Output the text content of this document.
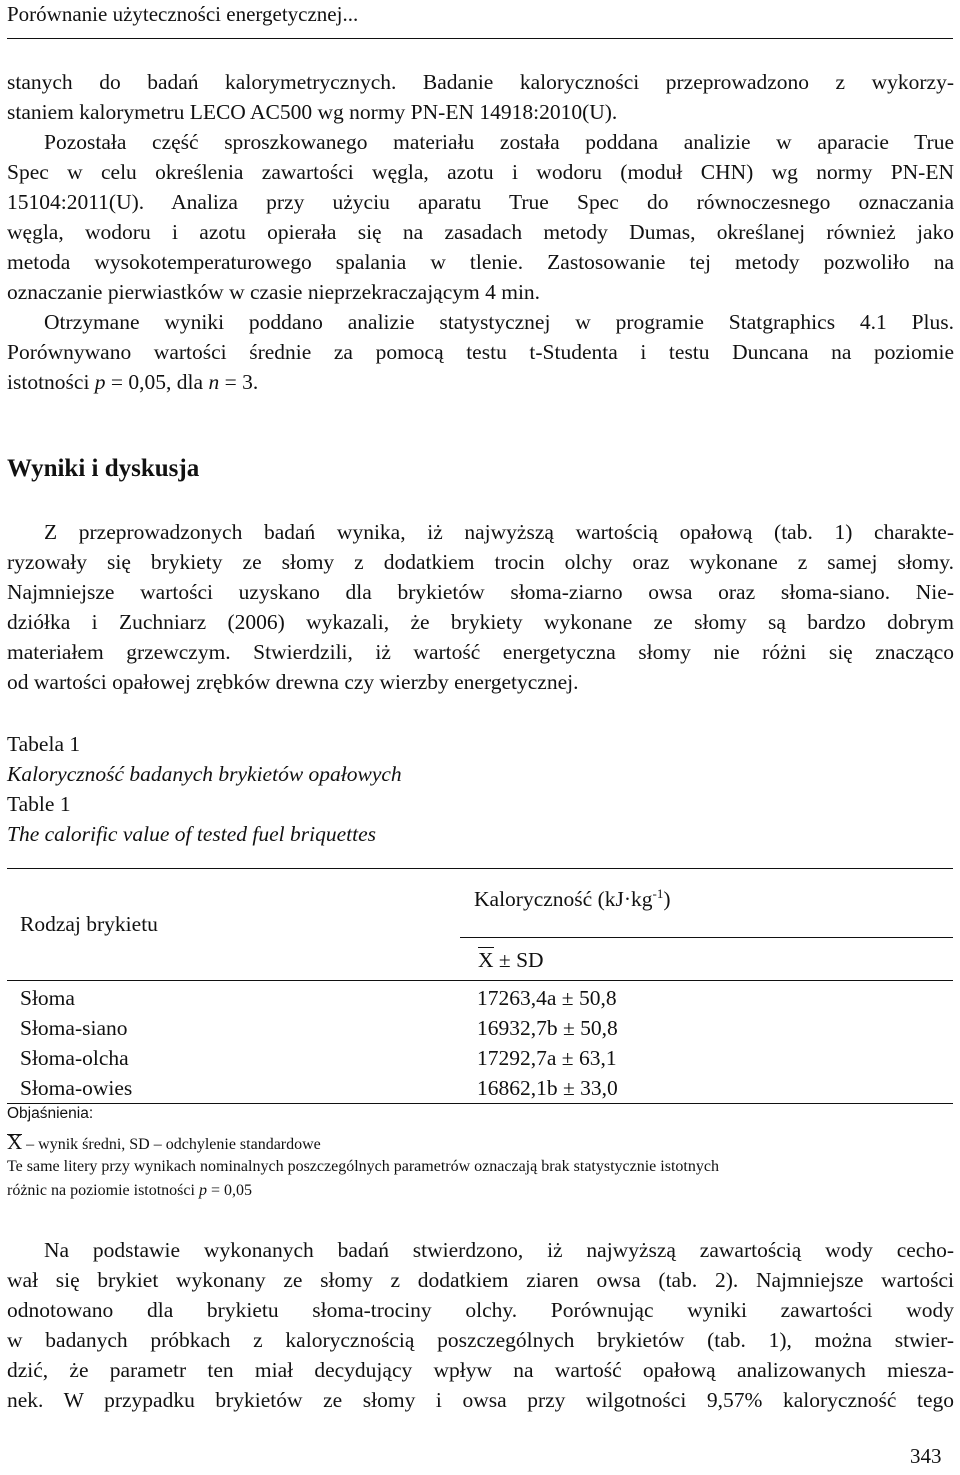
Porównanie użyteczności energetycznej...
stanych do badań kalorymetrycznych. Badanie kaloryczności przeprowadzono z wykorzy-
staniem kalorymetru LECO AC500 wg normy PN-EN 14918:2010(U).
Pozostała część sproszkowanego materiału została poddana analizie w aparacie True
Spec w celu określenia zawartości węgla, azotu i wodoru (moduł CHN) wg normy PN-EN
15104:2011(U). Analiza przy użyciu aparatu True Spec do równoczesnego oznaczania
węgla, wodoru i azotu opierała się na zasadach metody Dumas, określanej również jako
metoda wysokotemperaturowego spalania w tlenie. Zastosowanie tej metody pozwoliło na
oznaczanie pierwiastków w czasie nieprzekraczającym 4 min.
Otrzymane wyniki poddano analizie statystycznej w programie Statgraphics 4.1 Plus.
Porównywano wartości średnie za pomocą testu t-Studenta i testu Duncana na poziomie
istotności p = 0,05, dla n = 3.
Wyniki i dyskusja
Z przeprowadzonych badań wynika, iż najwyższą wartością opałową (tab. 1) charakte-
ryzowały się brykiety ze słomy z dodatkiem trocin olchy oraz wykonane z samej słomy.
Najmniejsze wartości uzyskano dla brykietów słoma-ziarno owsa oraz słoma-siano. Nie-
dziółka i Zuchniarz (2006) wykazali, że brykiety wykonane ze słomy są bardzo dobrym
materiałem grzewczym. Stwierdzili, iż wartość energetyczna słomy nie różni się znacząco
od wartości opałowej zrębków drewna czy wierzby energetycznej.

Tabela 1

Kaloryczność badanych brykietów opałowych

Table 1

The calorific value of tested fuel briquettes

Rodzaj brykietu
Kaloryczność $(kJ\cdot kg^{-1})$
X ± SD
Słoma	17263,4a ± 50,8
Słoma-siano	16932,7b ± 50,8
Słoma-olcha	17292,7a ± 63,1
Słoma-owies	16862,1b ± 33,0

Objaśnienia:

X – wynik średni, SD – odchylenie standardowe

Te same litery przy wynikach nominalnych poszczególnych parametrów oznaczają brak statystycznie istotnych

różnic na poziomie istotności p = 0,05

Na podstawie wykonanych badań stwierdzono, iż najwyższą zawartością wody cecho-
wał się brykiet wykonany ze słomy z dodatkiem ziaren owsa (tab. 2). Najmniejsze wartości
odnotowano dla brykietu słoma-trociny olchy. Porównując wyniki zawartości wody
w badanych próbkach z kalorycznością poszczególnych brykietów (tab. 1), można stwier-
dzić, że parametr ten miał decydujący wpływ na wartość opałową analizowanych miesza-
nek. W przypadku brykietów ze słomy i owsa przy wilgotności 9,57% kaloryczność tego
343
